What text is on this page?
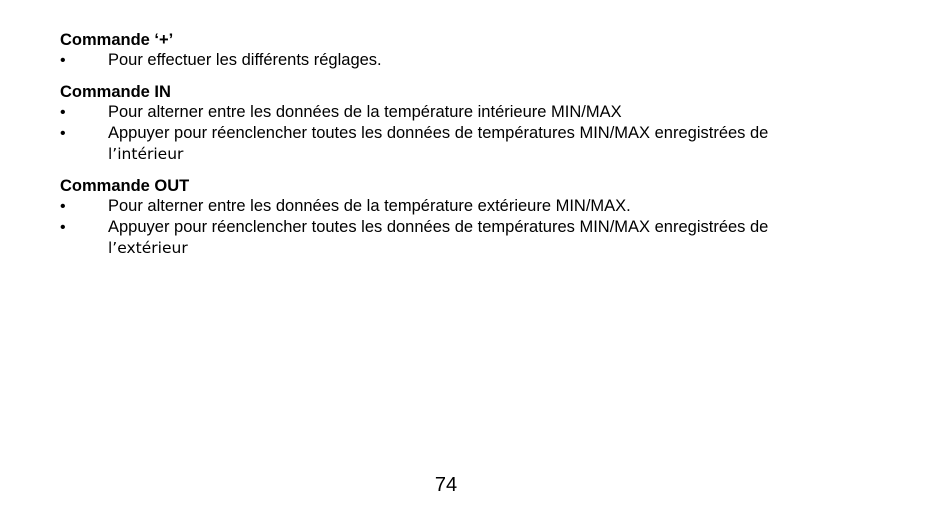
Commande ‘+’

•	Pour effectuer les différents réglages.

Commande IN

•	Pour alterner entre les données de la température intérieure MIN/MAX
•	Appuyer pour réenclencher toutes les données de températures MIN/MAX enregistrées de
l’intérieur

Commande OUT

•	Pour alterner entre les données de la température extérieure MIN/MAX.
•	Appuyer pour réenclencher toutes les données de températures MIN/MAX enregistrées de
l’extérieur
74
